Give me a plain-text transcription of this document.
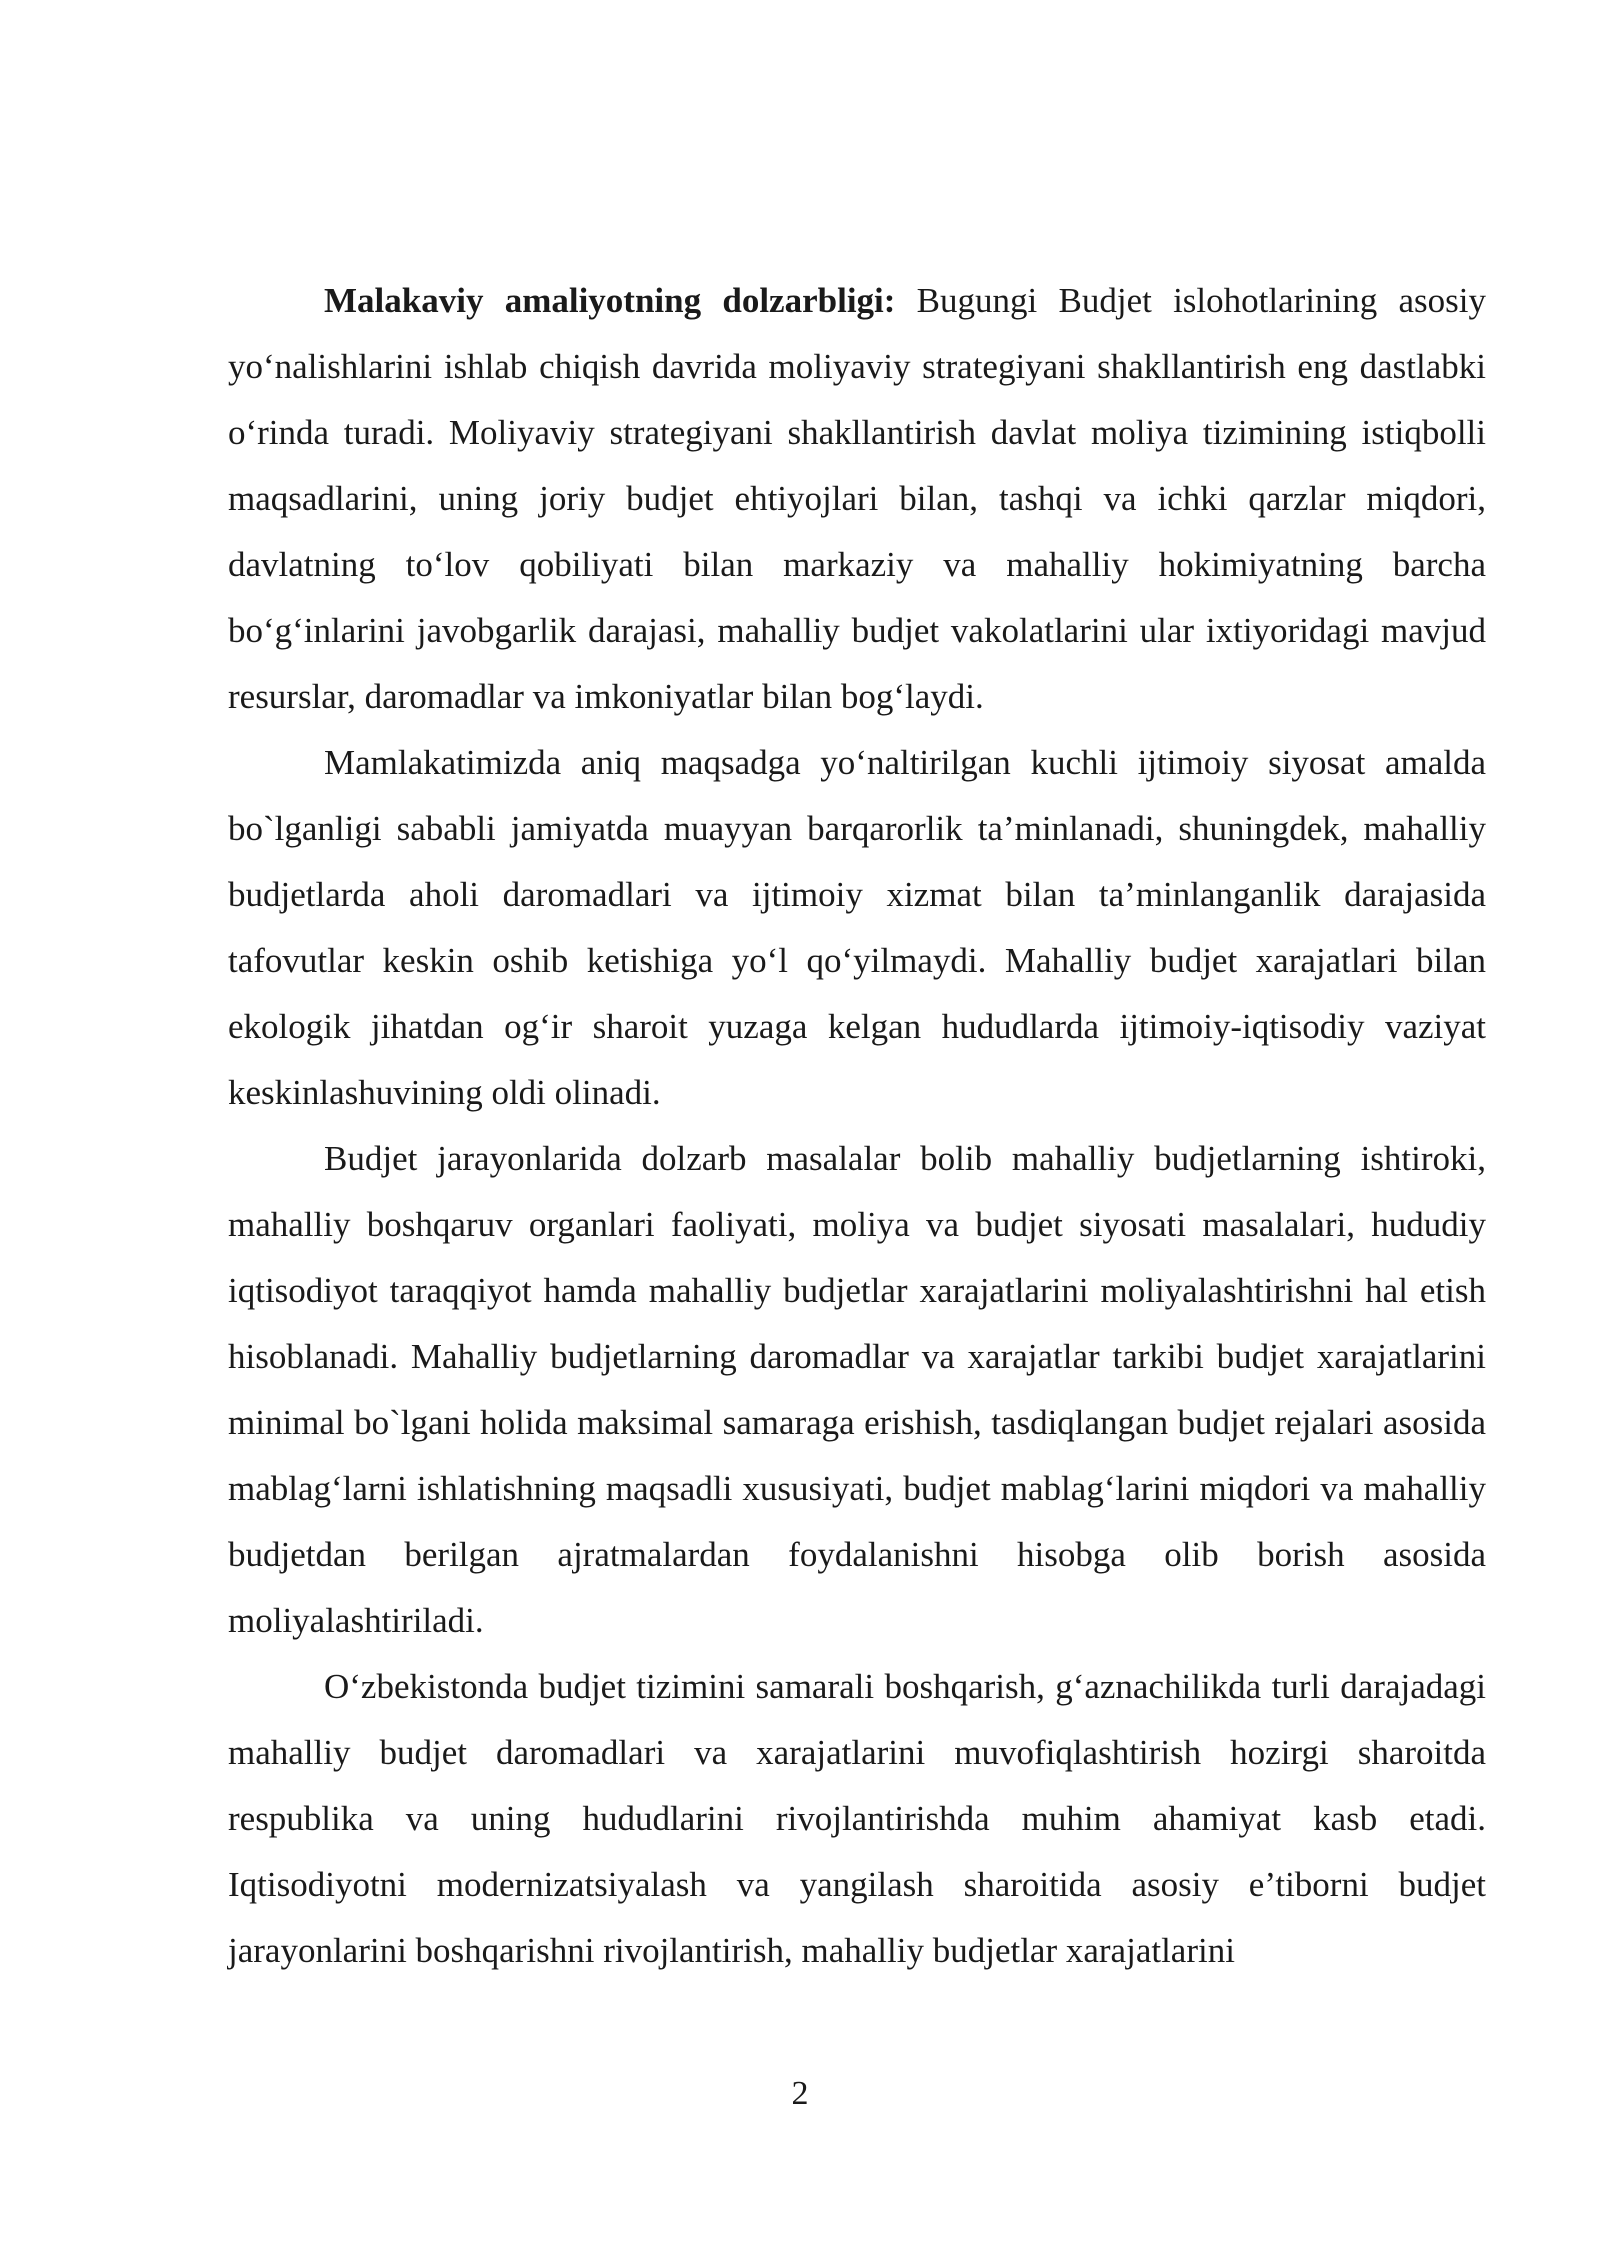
Malakaviy amaliyotning dolzarbligi: Bugungi Budjet islohotlarining asosiy yo‘nalishlarini ishlab chiqish davrida moliyaviy strategiyani shakllantirish eng dastlabki o‘rinda turadi. Moliyaviy strategiyani shakllantirish davlat moliya tizimining istiqbolli maqsadlarini, uning joriy budjet ehtiyojlari bilan, tashqi va ichki qarzlar miqdori, davlatning to‘lov qobiliyati bilan markaziy va mahalliy hokimiyatning barcha bo‘g‘inlarini javobgarlik darajasi, mahalliy budjet vakolatlarini ular ixtiyoridagi mavjud resurslar, daromadlar va imkoniyatlar bilan bog‘laydi.

Mamlakatimizda aniq maqsadga yo‘naltirilgan kuchli ijtimoiy siyosat amalda bo`lganligi sababli jamiyatda muayyan barqarorlik ta’minlanadi, shuningdek, mahalliy budjetlarda aholi daromadlari va ijtimoiy xizmat bilan ta’minlanganlik darajasida tafovutlar keskin oshib ketishiga yo‘l qo‘yilmaydi. Mahalliy budjet xarajatlari bilan ekologik jihatdan og‘ir sharoit yuzaga kelgan hududlarda ijtimoiy-iqtisodiy vaziyat keskinlashuvining oldi olinadi.

Budjet jarayonlarida dolzarb masalalar bolib mahalliy budjetlarning ishtiroki, mahalliy boshqaruv organlari faoliyati, moliya va budjet siyosati masalalari, hududiy iqtisodiyot taraqqiyot hamda mahalliy budjetlar xarajatlarini moliyalashtirishni hal etish hisoblanadi. Mahalliy budjetlarning daromadlar va xarajatlar tarkibi budjet xarajatlarini minimal bo`lgani holida maksimal samaraga erishish, tasdiqlangan budjet rejalari asosida mablag‘larni ishlatishning maqsadli xususiyati, budjet mablag‘larini miqdori va mahalliy budjetdan berilgan ajratmalardan foydalanishni hisobga olib borish asosida moliyalashtiriladi.

O‘zbekistonda budjet tizimini samarali boshqarish, g‘aznachilikda turli darajadagi mahalliy budjet daromadlari va xarajatlarini muvofiqlashtirish hozirgi sharoitda respublika va uning hududlarini rivojlantirishda muhim ahamiyat kasb etadi. Iqtisodiyotni modernizatsiyalash va yangilash sharoitida asosiy e’tiborni budjet jarayonlarini boshqarishni rivojlantirish, mahalliy budjetlar xarajatlarini

2
